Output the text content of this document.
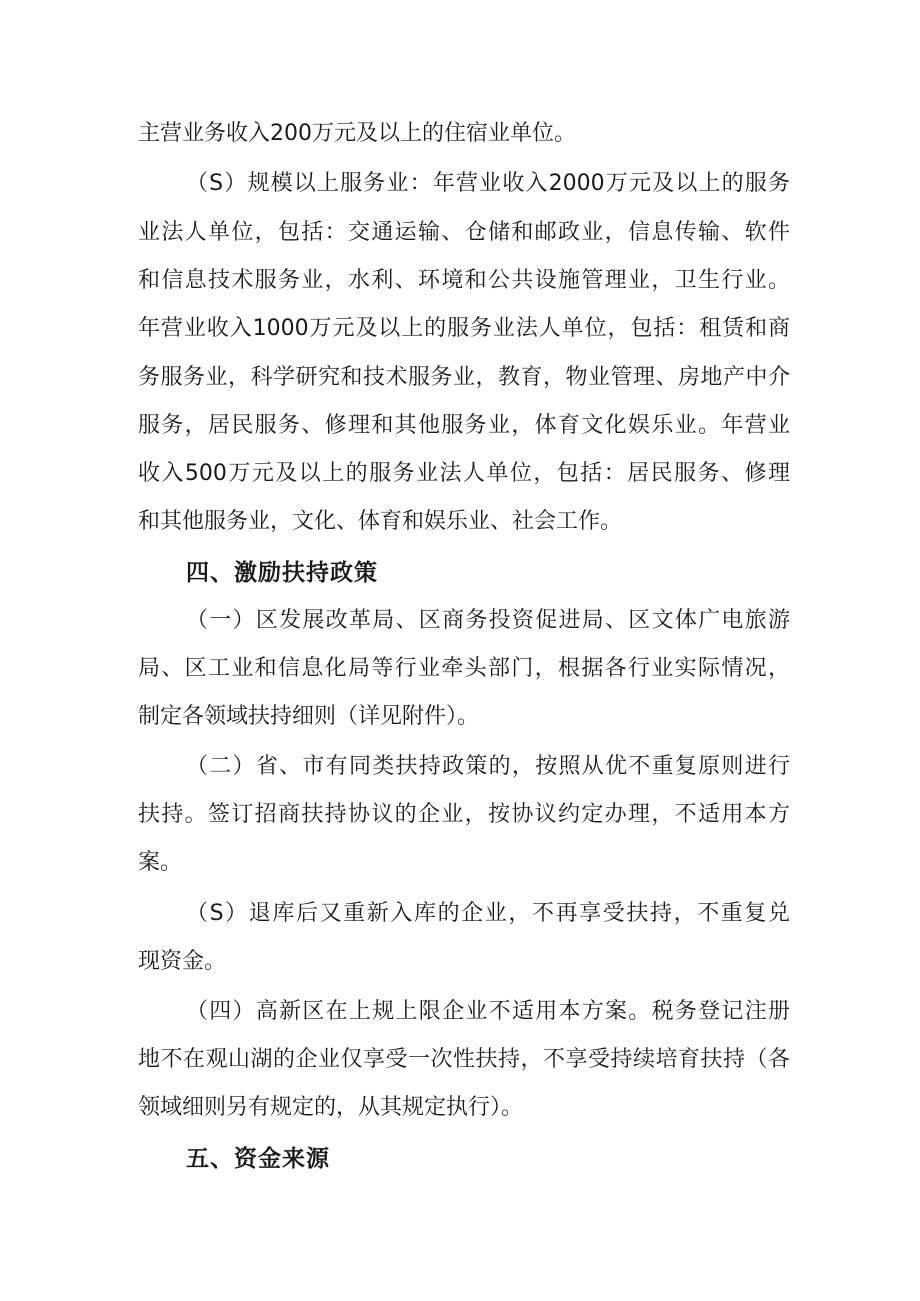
主营业务收入200万元及以上的住宿业单位。
（S）规模以上服务业：年营业收入2000万元及以上的服务
业法人单位，包括：交通运输、仓储和邮政业，信息传输、软件
和信息技术服务业，水利、环境和公共设施管理业，卫生行业。
年营业收入1000万元及以上的服务业法人单位，包括：租赁和商
务服务业，科学研究和技术服务业，教育，物业管理、房地产中介
服务，居民服务、修理和其他服务业，体育文化娱乐业。年营业
收入500万元及以上的服务业法人单位，包括：居民服务、修理
和其他服务业，文化、体育和娱乐业、社会工作。
四、激励扶持政策
（一）区发展改革局、区商务投资促进局、区文体广电旅游
局、区工业和信息化局等行业牵头部门，根据各行业实际情况，
制定各领域扶持细则（详见附件）。
（二）省、市有同类扶持政策的，按照从优不重复原则进行
扶持。签订招商扶持协议的企业，按协议约定办理，不适用本方
案。
（S）退库后又重新入库的企业，不再享受扶持，不重复兑
现资金。
（四）高新区在上规上限企业不适用本方案。税务登记注册
地不在观山湖的企业仅享受一次性扶持，不享受持续培育扶持（各
领域细则另有规定的，从其规定执行）。
五、资金来源
